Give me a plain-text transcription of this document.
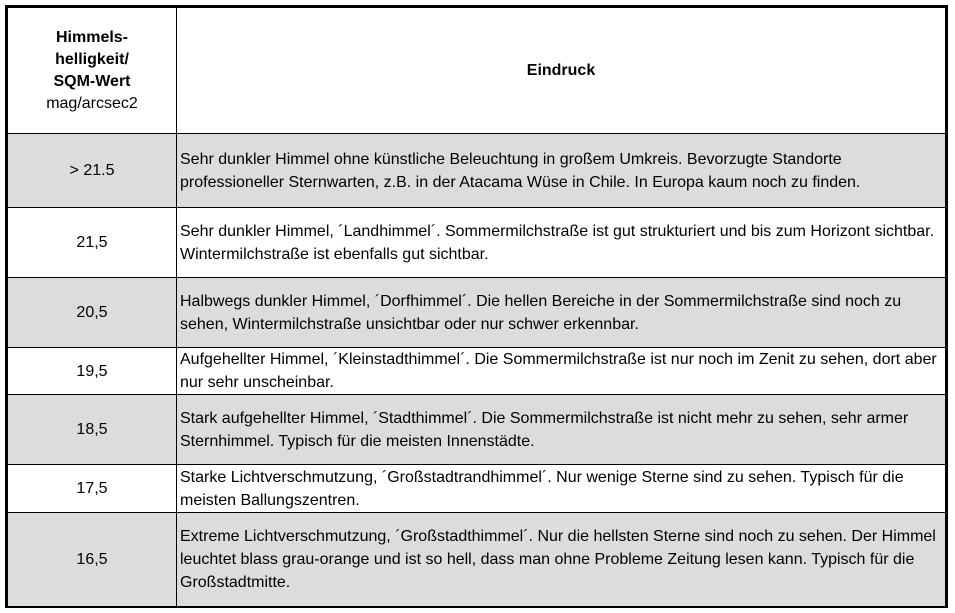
Himmels-
helligkeit/
SQM-Wert
mag/arcsec2	Eindruck
> 21.5	Sehr dunkler Himmel ohne künstliche Beleuchtung in großem Umkreis. Bevorzugte Standorte professioneller Sternwarten, z.B. in der Atacama Wüse in Chile. In Europa kaum noch zu finden.
21,5	Sehr dunkler Himmel, ´Landhimmel´. Sommermilchstraße ist gut strukturiert und bis zum Horizont sichtbar. Wintermilchstraße ist ebenfalls gut sichtbar.
20,5	Halbwegs dunkler Himmel, ´Dorfhimmel´. Die hellen Bereiche in der Sommermilchstraße sind noch zu sehen, Wintermilchstraße unsichtbar oder nur schwer erkennbar.
19,5	Aufgehellter Himmel, ´Kleinstadthimmel´. Die Sommermilchstraße ist nur noch im Zenit zu sehen, dort aber nur sehr unscheinbar.
18,5	Stark aufgehellter Himmel, ´Stadthimmel´. Die Sommermilchstraße ist nicht mehr zu sehen, sehr armer Sternhimmel. Typisch für die meisten Innenstädte.
17,5	Starke Lichtverschmutzung, ´Großstadtrandhimmel´. Nur wenige Sterne sind zu sehen. Typisch für die meisten Ballungszentren.
16,5	Extreme Lichtverschmutzung, ´Großstadthimmel´. Nur die hellsten Sterne sind noch zu sehen. Der Himmel leuchtet blass grau-orange und ist so hell, dass man ohne Probleme Zeitung lesen kann. Typisch für die Großstadtmitte.
